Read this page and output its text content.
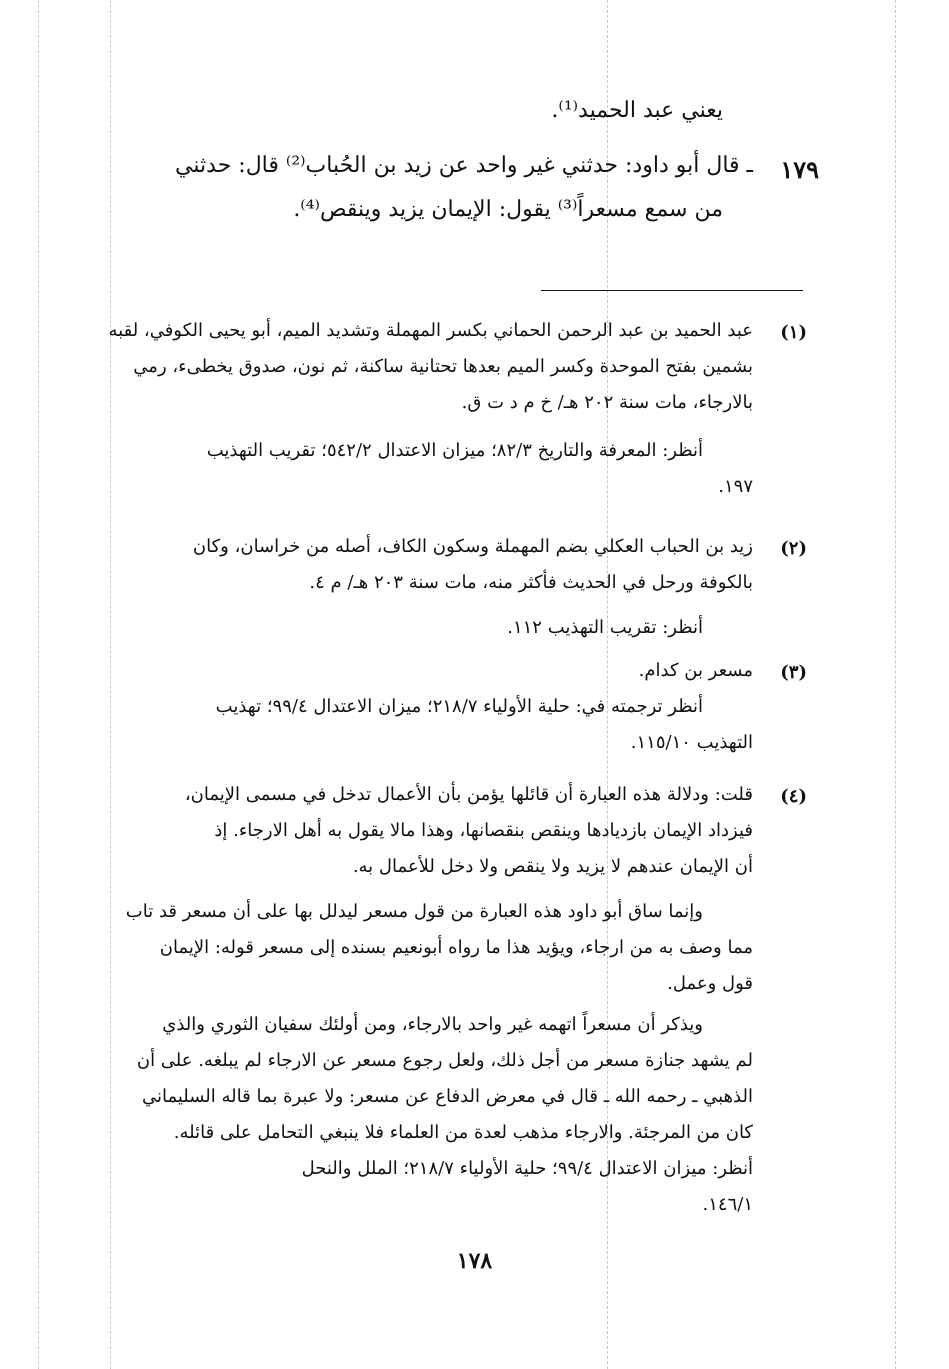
يعني عبد الحميد⁽¹⁾.
١٧٩
ـ قال أبو داود: حدثني غير واحد عن زيد بن الحُباب⁽²⁾ قال: حدثني
من سمع مسعراً⁽³⁾ يقول: الإيمان يزيد وينقص⁽⁴⁾.
(١)
عبد الحميد بن عبد الرحمن الحماني بكسر المهملة وتشديد الميم، أبو يحيى الكوفي، لقبه
بشمين بفتح الموحدة وكسر الميم بعدها تحتانية ساكنة، ثم نون، صدوق يخطىء، رمي
بالارجاء، مات سنة ٢٠٢ هـ/ خ م د ت ق.
أنظر: المعرفة والتاريخ ٨٢/٣؛ ميزان الاعتدال ٥٤٢/٢؛ تقريب التهذيب
١٩٧.
(٢)
زيد بن الحباب العكلي بضم المهملة وسكون الكاف، أصله من خراسان، وكان
بالكوفة ورحل في الحديث فأكثر منه، مات سنة ٢٠٣ هـ/ م ٤.
أنظر: تقريب التهذيب ١١٢.
(٣)
مسعر بن كدام.
أنظر ترجمته في: حلية الأولياء ٢١٨/٧؛ ميزان الاعتدال ٩٩/٤؛ تهذيب
التهذيب ١١٥/١٠.
(٤)
قلت: ودلالة هذه العبارة أن قائلها يؤمن بأن الأعمال تدخل في مسمى الإيمان،
فيزداد الإيمان بازديادها وينقص بنقصانها، وهذا مالا يقول به أهل الارجاء. إذ
أن الإيمان عندهم لا يزيد ولا ينقص ولا دخل للأعمال به.
وإنما ساق أبو داود هذه العبارة من قول مسعر ليدلل بها على أن مسعر قد تاب
مما وصف به من ارجاء، ويؤيد هذا ما رواه أبونعيم بسنده إلى مسعر قوله: الإيمان
قول وعمل.
ويذكر أن مسعراً اتهمه غير واحد بالارجاء، ومن أولئك سفيان الثوري والذي
لم يشهد جنازة مسعر من أجل ذلك، ولعل رجوع مسعر عن الارجاء لم يبلغه. على أن
الذهبي ـ رحمه الله ـ قال في معرض الدفاع عن مسعر: ولا عبرة بما قاله السليماني
كان من المرجئة. والارجاء مذهب لعدة من العلماء فلا ينبغي التحامل على قائله.
أنظر: ميزان الاعتدال ٩٩/٤؛ حلية الأولياء ٢١٨/٧؛ الملل والنحل
١٤٦/١.
١٧٨
